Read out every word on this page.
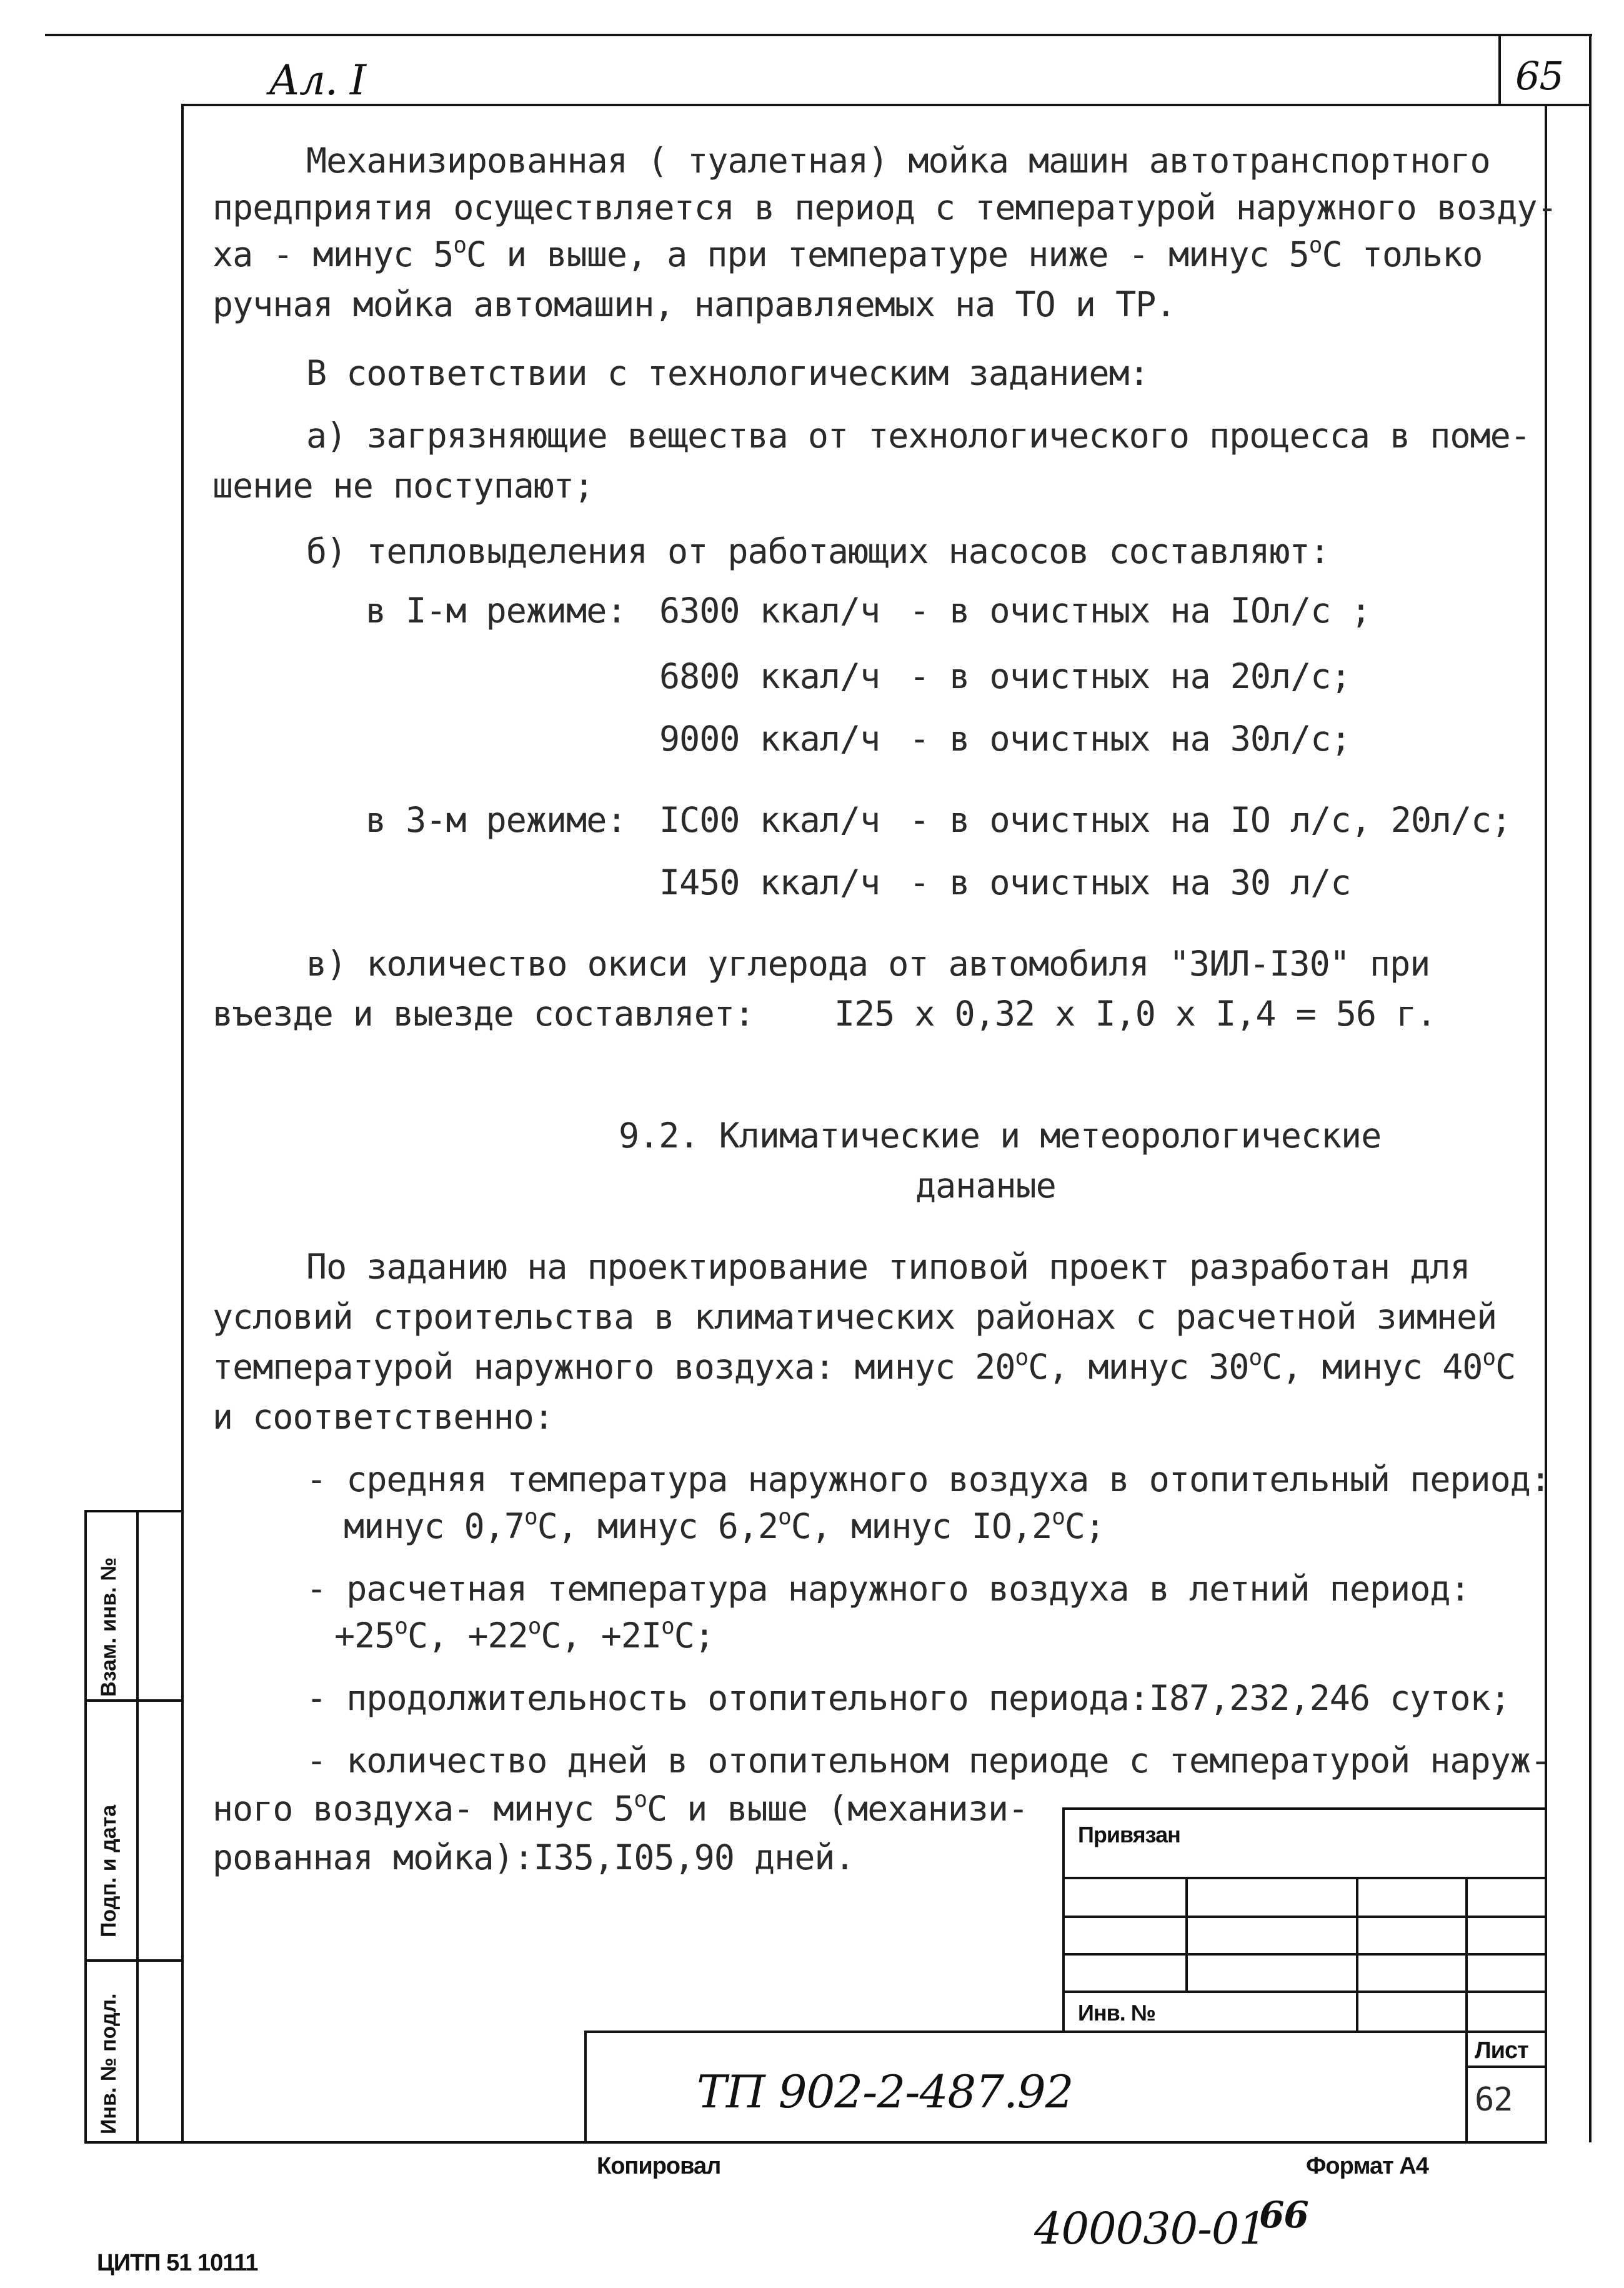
Взам. инв. №
Подп. и дата
Инв. № подл.
Ал. I	65
Механизированная ( туалетная) мойка машин автотранспортного
предприятия осуществляется в период с температурой наружного возду-
ха - минус $5^оС$ и выше, а при температуре ниже - минус $5^оС$ только
ручная мойка автомашин, направляемых на ТО и ТР.
В соответствии с технологическим заданием:
а) загрязняющие вещества от технологического процесса в поме-
шение не поступают;
б) тепловыделения от работающих насосов составляют:
в I-м режиме: 6300 ккал/ч - в очистных на IОл/с ;
6800 ккал/ч - в очистных на 20л/с;
9000 ккал/ч - в очистных на 30л/с;
в 3-м режиме: IС00 ккал/ч - в очистных на IО л/с, 20л/с;
I450 ккал/ч - в очистных на 30 л/с
в) количество окиси углерода от автомобиля "ЗИЛ-I30" при
въезде и выезде составляет: I25 х 0,32 х I,0 х I,4 = 56 г.
9.2. Климатические и метеорологические
дананые
По заданию на проектирование типовой проект разработан для
условий строительства в климатических районах с расчетной зимней
температурой наружного воздуха: минус $20^оС$, минус $30^оС$, минус $40^оС$
и соответственно:
- средняя температура наружного воздуха в отопительный период:
минус $0,7^оС$, минус $6,2^оС$, минус $IО,2^оС$;
- расчетная температура наружного воздуха в летний период:
$+25^оС$, $+22^оС$, $+2I^оС$;
- продолжительность отопительного периода:I87,232,246 суток;
- количество дней в отопительном периоде с температурой наруж-
ного воздуха- минус $5^оС$ и выше (механизи-
рованная мойка):I35,I05,90 дней.
Привязан
Инв. №
ТП 902-2-487.92
Лист
62
Копировал	Формат А4
400030-01
66
ЦИТП 51 10111
